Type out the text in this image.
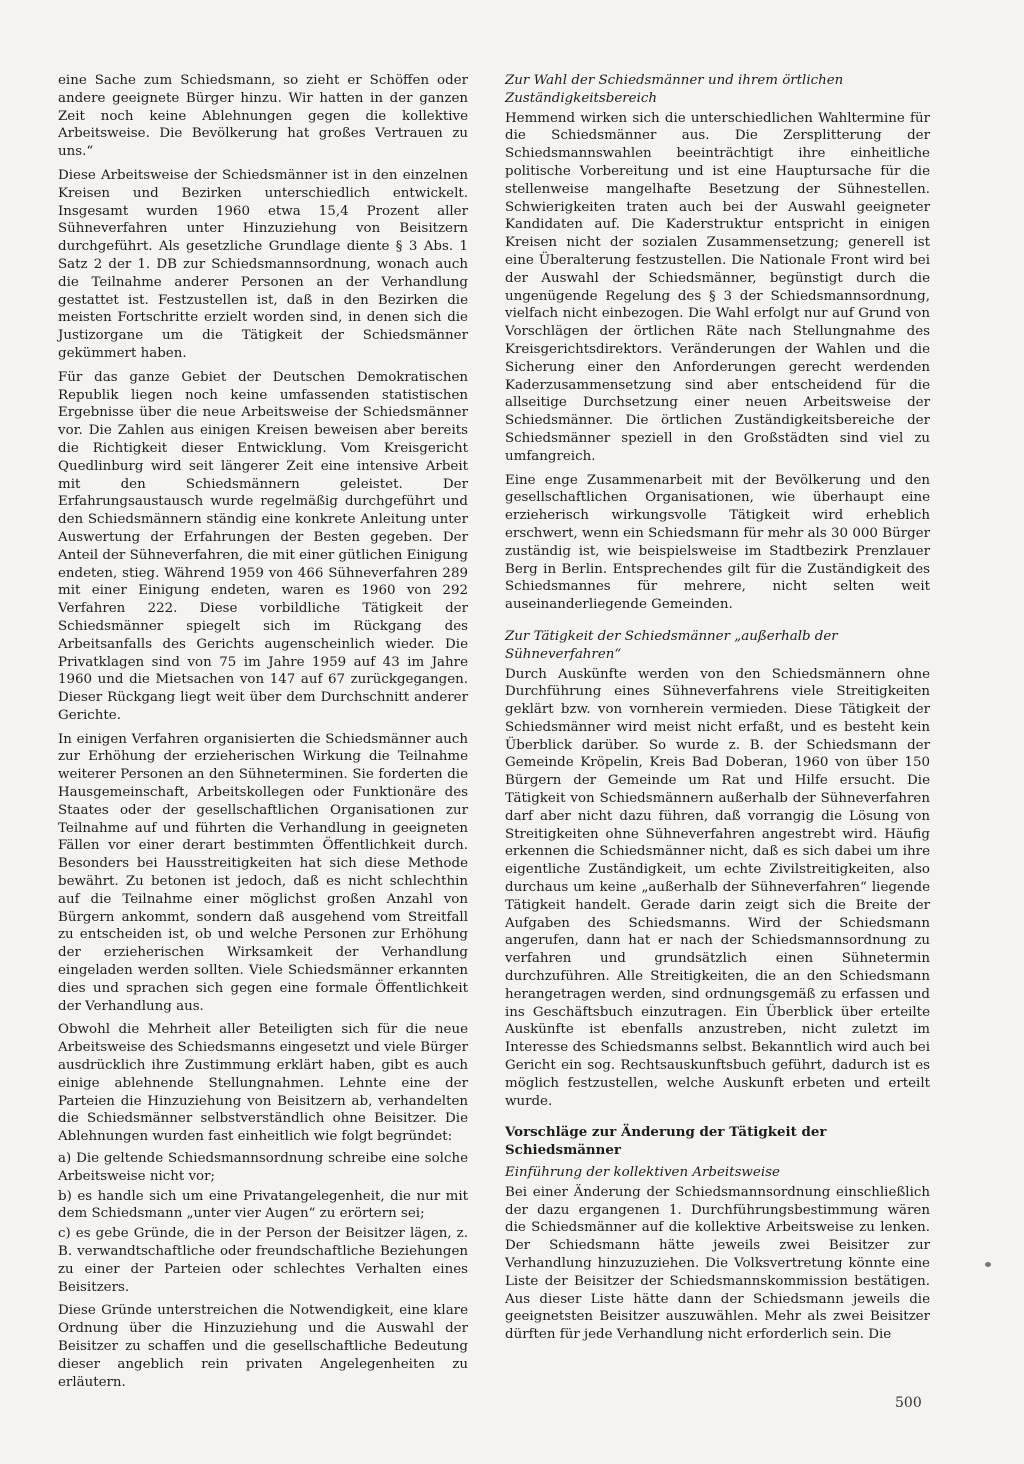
eine Sache zum Schiedsmann, so zieht er Schöffen oder andere geeignete Bürger hinzu. Wir hatten in der ganzen Zeit noch keine Ablehnungen gegen die kollektive Arbeitsweise. Die Bevölkerung hat großes Vertrauen zu uns.“

Diese Arbeitsweise der Schiedsmänner ist in den einzelnen Kreisen und Bezirken unterschiedlich entwickelt. Insgesamt wurden 1960 etwa 15,4 Prozent aller Sühneverfahren unter Hinzuziehung von Beisitzern durchgeführt. Als gesetzliche Grundlage diente § 3 Abs. 1 Satz 2 der 1. DB zur Schiedsmannsordnung, wonach auch die Teilnahme anderer Personen an der Verhandlung gestattet ist. Festzustellen ist, daß in den Bezirken die meisten Fortschritte erzielt worden sind, in denen sich die Justizorgane um die Tätigkeit der Schiedsmänner gekümmert haben.

Für das ganze Gebiet der Deutschen Demokratischen Republik liegen noch keine umfassenden statistischen Ergebnisse über die neue Arbeitsweise der Schiedsmänner vor. Die Zahlen aus einigen Kreisen beweisen aber bereits die Richtigkeit dieser Entwicklung. Vom Kreisgericht Quedlinburg wird seit längerer Zeit eine intensive Arbeit mit den Schiedsmännern geleistet. Der Erfahrungsaustausch wurde regelmäßig durchgeführt und den Schiedsmännern ständig eine konkrete Anleitung unter Auswertung der Erfahrungen der Besten gegeben. Der Anteil der Sühneverfahren, die mit einer gütlichen Einigung endeten, stieg. Während 1959 von 466 Sühneverfahren 289 mit einer Einigung endeten, waren es 1960 von 292 Verfahren 222. Diese vorbildliche Tätigkeit der Schiedsmänner spiegelt sich im Rückgang des Arbeitsanfalls des Gerichts augenscheinlich wieder. Die Privatklagen sind von 75 im Jahre 1959 auf 43 im Jahre 1960 und die Mietsachen von 147 auf 67 zurückgegangen. Dieser Rückgang liegt weit über dem Durchschnitt anderer Gerichte.

In einigen Verfahren organisierten die Schiedsmänner auch zur Erhöhung der erzieherischen Wirkung die Teilnahme weiterer Personen an den Sühneterminen. Sie forderten die Hausgemeinschaft, Arbeitskollegen oder Funktionäre des Staates oder der gesellschaftlichen Organisationen zur Teilnahme auf und führten die Verhandlung in geeigneten Fällen vor einer derart bestimmten Öffentlichkeit durch. Besonders bei Hausstreitigkeiten hat sich diese Methode bewährt. Zu betonen ist jedoch, daß es nicht schlechthin auf die Teilnahme einer möglichst großen Anzahl von Bürgern ankommt, sondern daß ausgehend vom Streitfall zu entscheiden ist, ob und welche Personen zur Erhöhung der erzieherischen Wirksamkeit der Verhandlung eingeladen werden sollten. Viele Schiedsmänner erkannten dies und sprachen sich gegen eine formale Öffentlichkeit der Verhandlung aus.

Obwohl die Mehrheit aller Beteiligten sich für die neue Arbeitsweise des Schiedsmanns eingesetzt und viele Bürger ausdrücklich ihre Zustimmung erklärt haben, gibt es auch einige ablehnende Stellungnahmen. Lehnte eine der Parteien die Hinzuziehung von Beisitzern ab, verhandelten die Schiedsmänner selbstverständlich ohne Beisitzer. Die Ablehnungen wurden fast einheitlich wie folgt begründet:

a) Die geltende Schiedsmannsordnung schreibe eine solche Arbeitsweise nicht vor;

b) es handle sich um eine Privatangelegenheit, die nur mit dem Schiedsmann „unter vier Augen“ zu erörtern sei;

c) es gebe Gründe, die in der Person der Beisitzer lägen, z. B. verwandtschaftliche oder freundschaftliche Beziehungen zu einer der Parteien oder schlechtes Verhalten eines Beisitzers.

Diese Gründe unterstreichen die Notwendigkeit, eine klare Ordnung über die Hinzuziehung und die Auswahl der Beisitzer zu schaffen und die gesellschaftliche Bedeutung dieser angeblich rein privaten Angelegenheiten zu erläutern.

Zur Wahl der Schiedsmänner und ihrem örtlichen Zuständigkeitsbereich

Hemmend wirken sich die unterschiedlichen Wahltermine für die Schiedsmänner aus. Die Zersplitterung der Schiedsmannswahlen beeinträchtigt ihre einheitliche politische Vorbereitung und ist eine Hauptursache für die stellenweise mangelhafte Besetzung der Sühnestellen. Schwierigkeiten traten auch bei der Auswahl geeigneter Kandidaten auf. Die Kaderstruktur entspricht in einigen Kreisen nicht der sozialen Zusammensetzung; generell ist eine Überalterung festzustellen. Die Nationale Front wird bei der Auswahl der Schiedsmänner, begünstigt durch die ungenügende Regelung des § 3 der Schiedsmannsordnung, vielfach nicht einbezogen. Die Wahl erfolgt nur auf Grund von Vorschlägen der örtlichen Räte nach Stellungnahme des Kreisgerichtsdirektors. Veränderungen der Wahlen und die Sicherung einer den Anforderungen gerecht werdenden Kaderzusammensetzung sind aber entscheidend für die allseitige Durchsetzung einer neuen Arbeitsweise der Schiedsmänner. Die örtlichen Zuständigkeitsbereiche der Schiedsmänner speziell in den Großstädten sind viel zu umfangreich.

Eine enge Zusammenarbeit mit der Bevölkerung und den gesellschaftlichen Organisationen, wie überhaupt eine erzieherisch wirkungsvolle Tätigkeit wird erheblich erschwert, wenn ein Schiedsmann für mehr als 30 000 Bürger zuständig ist, wie beispielsweise im Stadtbezirk Prenzlauer Berg in Berlin. Entsprechendes gilt für die Zuständigkeit des Schiedsmannes für mehrere, nicht selten weit auseinanderliegende Gemeinden.

Zur Tätigkeit der Schiedsmänner „außerhalb der Sühneverfahren“

Durch Auskünfte werden von den Schiedsmännern ohne Durchführung eines Sühneverfahrens viele Streitigkeiten geklärt bzw. von vornherein vermieden. Diese Tätigkeit der Schiedsmänner wird meist nicht erfaßt, und es besteht kein Überblick darüber. So wurde z. B. der Schiedsmann der Gemeinde Kröpelin, Kreis Bad Doberan, 1960 von über 150 Bürgern der Gemeinde um Rat und Hilfe ersucht. Die Tätigkeit von Schiedsmännern außerhalb der Sühneverfahren darf aber nicht dazu führen, daß vorrangig die Lösung von Streitigkeiten ohne Sühneverfahren angestrebt wird. Häufig erkennen die Schiedsmänner nicht, daß es sich dabei um ihre eigentliche Zuständigkeit, um echte Zivilstreitigkeiten, also durchaus um keine „außerhalb der Sühneverfahren“ liegende Tätigkeit handelt. Gerade darin zeigt sich die Breite der Aufgaben des Schiedsmanns. Wird der Schiedsmann angerufen, dann hat er nach der Schiedsmannsordnung zu verfahren und grundsätzlich einen Sühnetermin durchzuführen. Alle Streitigkeiten, die an den Schiedsmann herangetragen werden, sind ordnungsgemäß zu erfassen und ins Geschäftsbuch einzutragen. Ein Überblick über erteilte Auskünfte ist ebenfalls anzustreben, nicht zuletzt im Interesse des Schiedsmanns selbst. Bekanntlich wird auch bei Gericht ein sog. Rechtsauskunftsbuch geführt, dadurch ist es möglich festzustellen, welche Auskunft erbeten und erteilt wurde.

Vorschläge zur Änderung der Tätigkeit der Schiedsmänner
Einführung der kollektiven Arbeitsweise

Bei einer Änderung der Schiedsmannsordnung einschließlich der dazu ergangenen 1. Durchführungsbestimmung wären die Schiedsmänner auf die kollektive Arbeitsweise zu lenken. Der Schiedsmann hätte jeweils zwei Beisitzer zur Verhandlung hinzuzuziehen. Die Volksvertretung könnte eine Liste der Beisitzer der Schiedsmannskommission bestätigen. Aus dieser Liste hätte dann der Schiedsmann jeweils die geeignetsten Beisitzer auszuwählen. Mehr als zwei Beisitzer dürften für jede Verhandlung nicht erforderlich sein. Die

500
